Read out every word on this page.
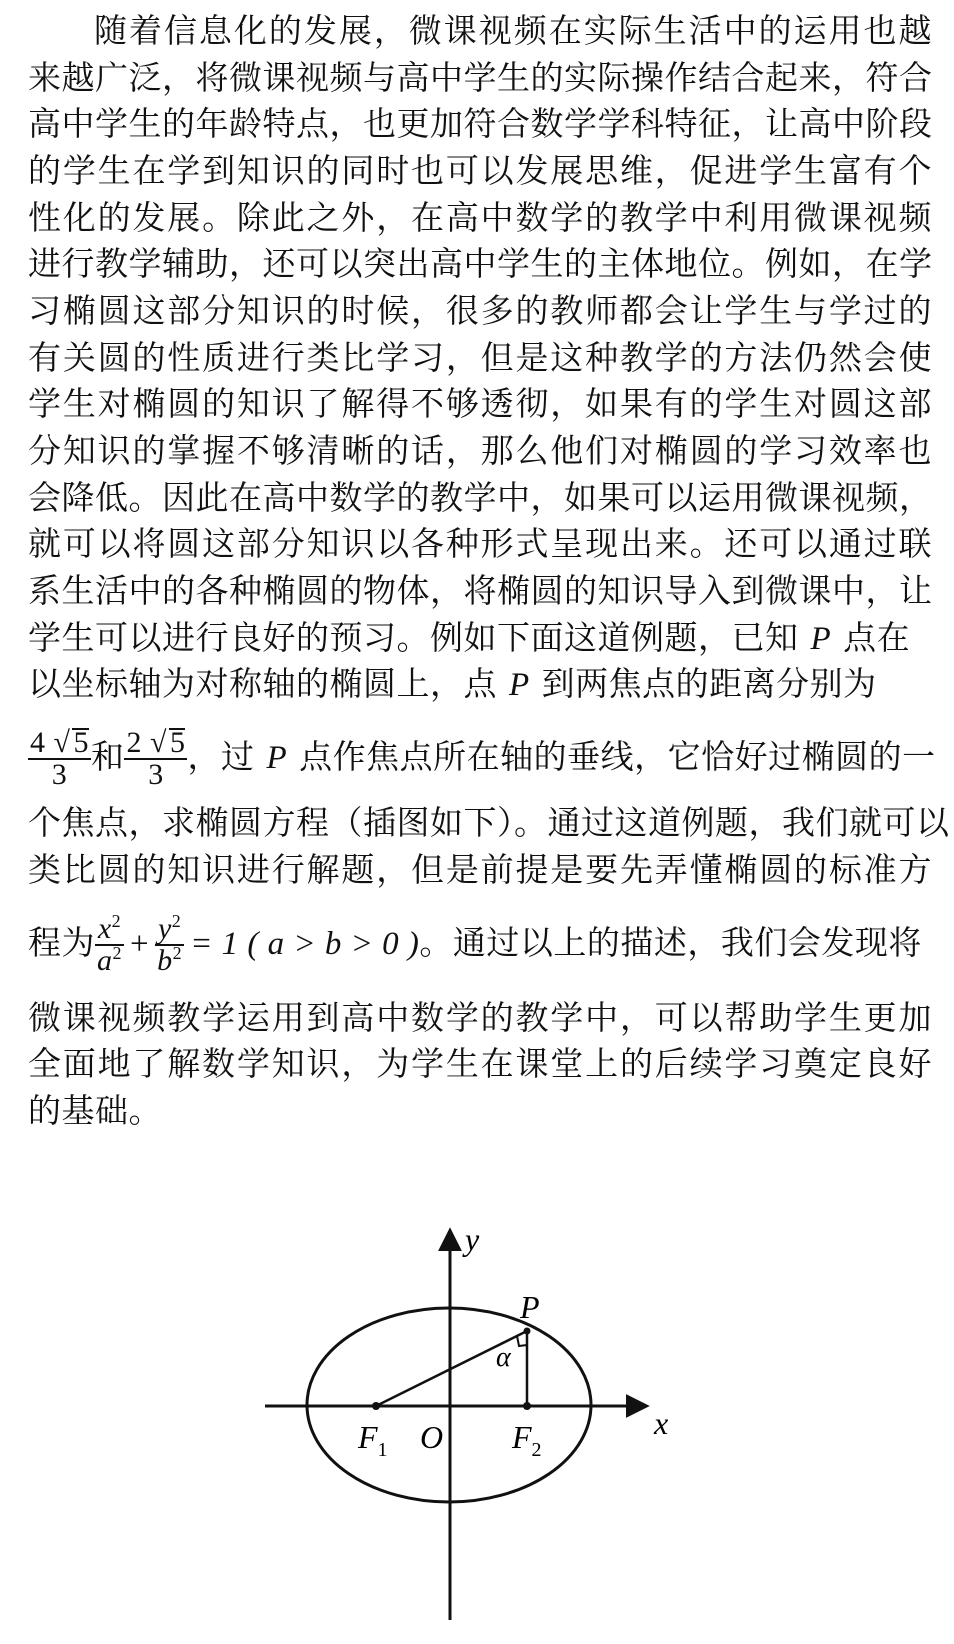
随着信息化的发展，微课视频在实际生活中的运用也越
来越广泛，将微课视频与高中学生的实际操作结合起来，符合
高中学生的年龄特点，也更加符合数学学科特征，让高中阶段
的学生在学到知识的同时也可以发展思维，促进学生富有个
性化的发展。除此之外，在高中数学的教学中利用微课视频
进行教学辅助，还可以突出高中学生的主体地位。例如，在学
习椭圆这部分知识的时候，很多的教师都会让学生与学过的
有关圆的性质进行类比学习，但是这种教学的方法仍然会使
学生对椭圆的知识了解得不够透彻，如果有的学生对圆这部
分知识的掌握不够清晰的话，那么他们对椭圆的学习效率也
会降低。因此在高中数学的教学中，如果可以运用微课视频，
就可以将圆这部分知识以各种形式呈现出来。还可以通过联
系生活中的各种椭圆的物体，将椭圆的知识导入到微课中，让
学生可以进行良好的预习。例如下面这道例题，已知 P 点在
以坐标轴为对称轴的椭圆上，点 P 到两焦点的距离分别为
$\frac{4 √ 5}{3}$ 和 $\frac{2 √ 5}{3}$ ，过 P 点作焦点所在轴的垂线，它恰好过椭圆的一
个焦点，求椭圆方程（插图如下）。通过这道例题，我们就可以
类比圆的知识进行解题，但是前提是要先弄懂椭圆的标准方
程为 $\frac{x^2}{a^2} + \frac{y^2}{b^2} = 1$ ( a > b > 0 )。通过以上的描述，我们会发现将
微课视频教学运用到高中数学的教学中，可以帮助学生更加
全面地了解数学知识，为学生在课堂上的后续学习奠定良好
的基础。
y
x
P
α
$F_1$ O $F_2$
